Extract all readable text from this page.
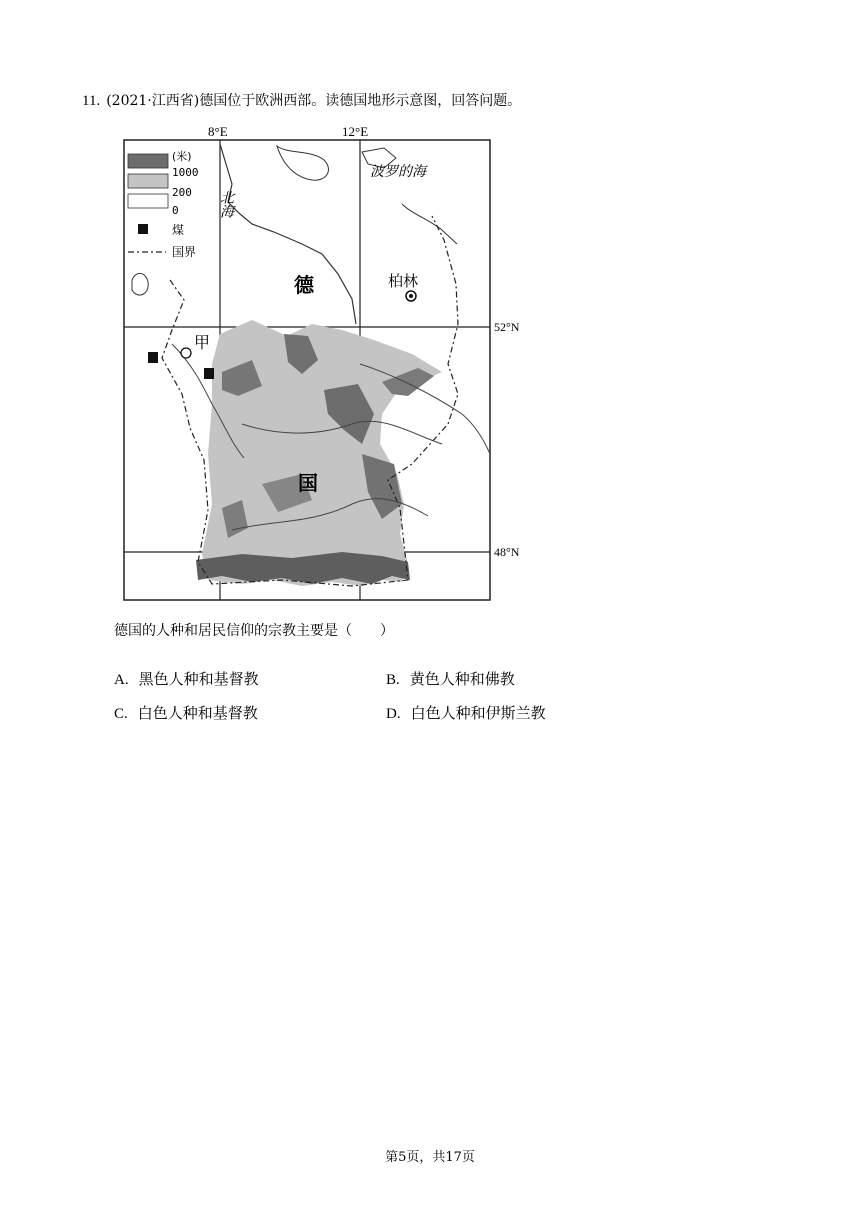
11. (2021·江西省)德国位于欧洲西部。读德国地形示意图，回答问题。
(米)
1000
200
0
煤
国界
8°E	12°E
52°N
48°N
北海
波罗的海
德
国
柏林
甲
德国的人种和居民信仰的宗教主要是（　　）
A. 黑色人种和基督教	B. 黄色人种和佛教
C. 白色人种和基督教	D. 白色人种和伊斯兰教
第5页，共17页
